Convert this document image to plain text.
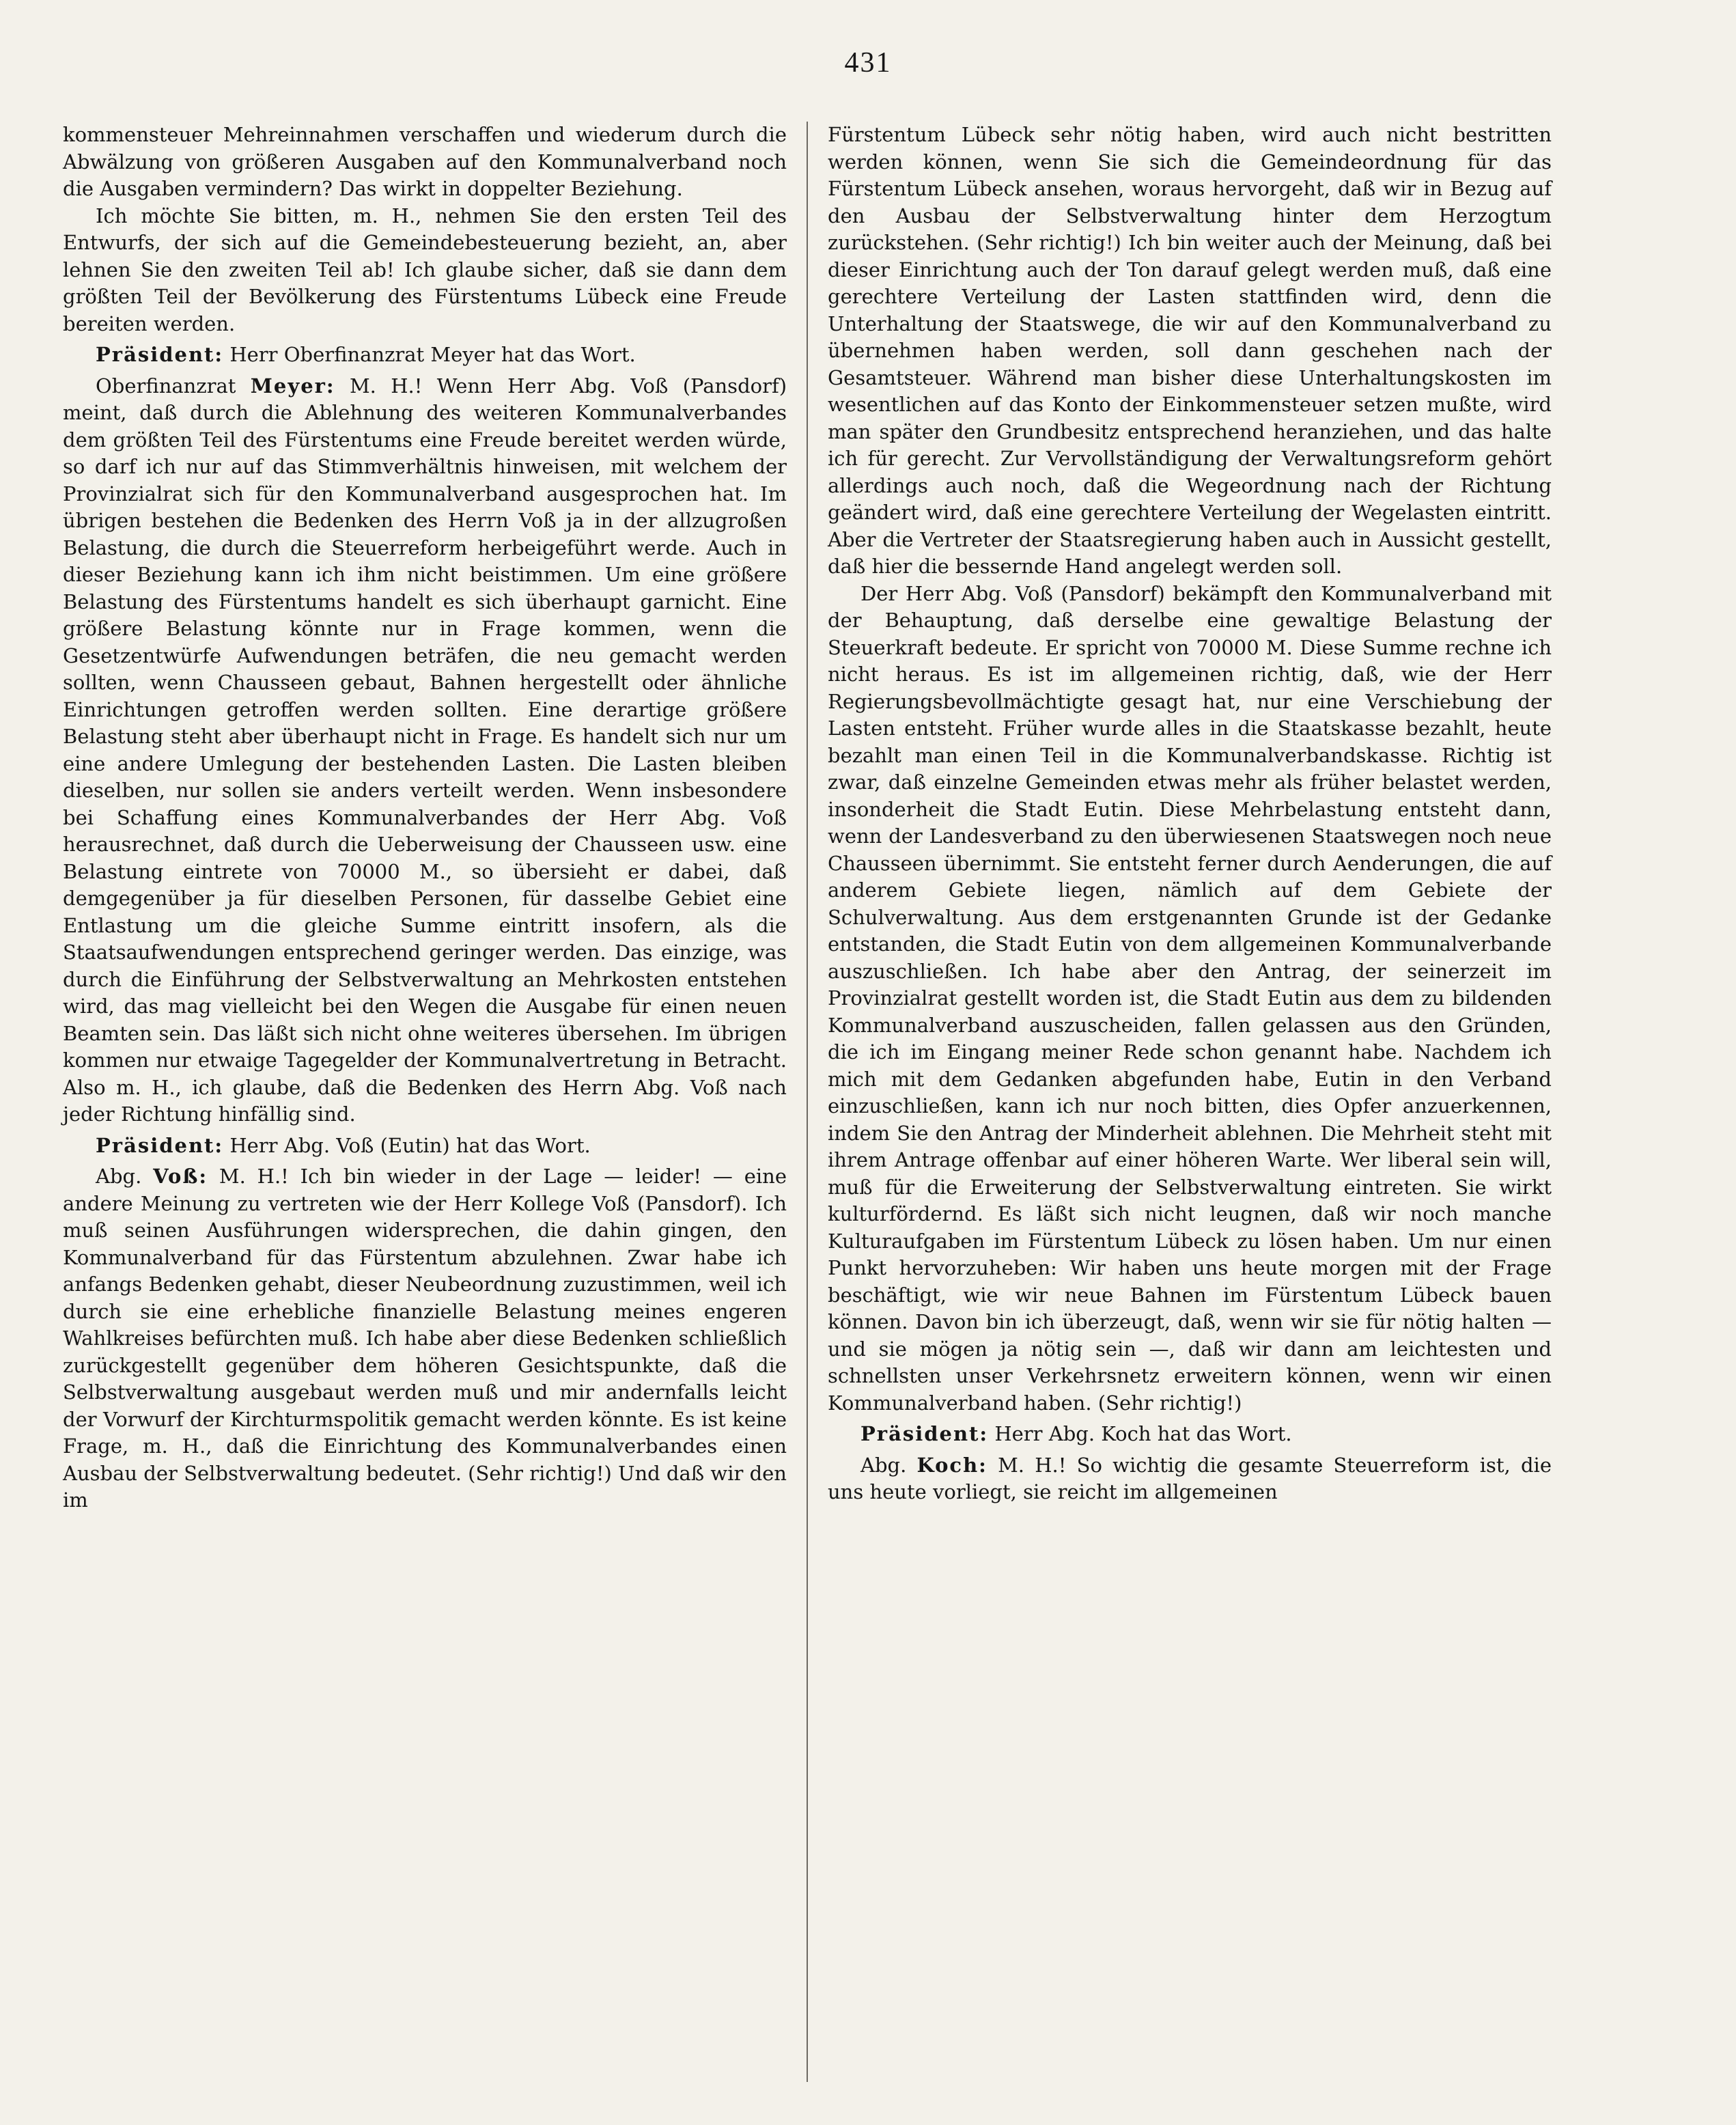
431

kommensteuer Mehreinnahmen verschaffen und wiederum durch die Abwälzung von größeren Ausgaben auf den Kommunalverband noch die Ausgaben vermindern? Das wirkt in doppelter Beziehung.

Ich möchte Sie bitten, m. H., nehmen Sie den ersten Teil des Entwurfs, der sich auf die Gemeindebesteuerung bezieht, an, aber lehnen Sie den zweiten Teil ab! Ich glaube sicher, daß sie dann dem größten Teil der Bevölkerung des Fürstentums Lübeck eine Freude bereiten werden.

Präsident: Herr Oberfinanzrat Meyer hat das Wort.

Oberfinanzrat Meyer: M. H.! Wenn Herr Abg. Voß (Pansdorf) meint, daß durch die Ablehnung des weiteren Kommunalverbandes dem größten Teil des Fürstentums eine Freude bereitet werden würde, so darf ich nur auf das Stimmverhältnis hinweisen, mit welchem der Provinzialrat sich für den Kommunalverband ausgesprochen hat. Im übrigen bestehen die Bedenken des Herrn Voß ja in der allzugroßen Belastung, die durch die Steuerreform herbeigeführt werde. Auch in dieser Beziehung kann ich ihm nicht beistimmen. Um eine größere Belastung des Fürstentums handelt es sich überhaupt garnicht. Eine größere Belastung könnte nur in Frage kommen, wenn die Gesetzentwürfe Aufwendungen beträfen, die neu gemacht werden sollten, wenn Chausseen gebaut, Bahnen hergestellt oder ähnliche Einrichtungen getroffen werden sollten. Eine derartige größere Belastung steht aber überhaupt nicht in Frage. Es handelt sich nur um eine andere Umlegung der bestehenden Lasten. Die Lasten bleiben dieselben, nur sollen sie anders verteilt werden. Wenn insbesondere bei Schaffung eines Kommunalverbandes der Herr Abg. Voß herausrechnet, daß durch die Ueberweisung der Chausseen usw. eine Belastung eintrete von 70000 M., so übersieht er dabei, daß demgegenüber ja für dieselben Personen, für dasselbe Gebiet eine Entlastung um die gleiche Summe eintritt insofern, als die Staatsaufwendungen entsprechend geringer werden. Das einzige, was durch die Einführung der Selbstverwaltung an Mehrkosten entstehen wird, das mag vielleicht bei den Wegen die Ausgabe für einen neuen Beamten sein. Das läßt sich nicht ohne weiteres übersehen. Im übrigen kommen nur etwaige Tagegelder der Kommunalvertretung in Betracht. Also m. H., ich glaube, daß die Bedenken des Herrn Abg. Voß nach jeder Richtung hinfällig sind.

Präsident: Herr Abg. Voß (Eutin) hat das Wort.

Abg. Voß: M. H.! Ich bin wieder in der Lage — leider! — eine andere Meinung zu vertreten wie der Herr Kollege Voß (Pansdorf). Ich muß seinen Ausführungen widersprechen, die dahin gingen, den Kommunalverband für das Fürstentum abzulehnen. Zwar habe ich anfangs Bedenken gehabt, dieser Neubeordnung zuzustimmen, weil ich durch sie eine erhebliche finanzielle Belastung meines engeren Wahlkreises befürchten muß. Ich habe aber diese Bedenken schließlich zurückgestellt gegenüber dem höheren Gesichtspunkte, daß die Selbstverwaltung ausgebaut werden muß und mir andernfalls leicht der Vorwurf der Kirchturmspolitik gemacht werden könnte. Es ist keine Frage, m. H., daß die Einrichtung des Kommunalverbandes einen Ausbau der Selbstverwaltung bedeutet. (Sehr richtig!) Und daß wir den im

Fürstentum Lübeck sehr nötig haben, wird auch nicht bestritten werden können, wenn Sie sich die Gemeindeordnung für das Fürstentum Lübeck ansehen, woraus hervorgeht, daß wir in Bezug auf den Ausbau der Selbstverwaltung hinter dem Herzogtum zurückstehen. (Sehr richtig!) Ich bin weiter auch der Meinung, daß bei dieser Einrichtung auch der Ton darauf gelegt werden muß, daß eine gerechtere Verteilung der Lasten stattfinden wird, denn die Unterhaltung der Staatswege, die wir auf den Kommunalverband zu übernehmen haben werden, soll dann geschehen nach der Gesamtsteuer. Während man bisher diese Unterhaltungskosten im wesentlichen auf das Konto der Einkommensteuer setzen mußte, wird man später den Grundbesitz entsprechend heranziehen, und das halte ich für gerecht. Zur Vervollständigung der Verwaltungsreform gehört allerdings auch noch, daß die Wegeordnung nach der Richtung geändert wird, daß eine gerechtere Verteilung der Wegelasten eintritt. Aber die Vertreter der Staatsregierung haben auch in Aussicht gestellt, daß hier die bessernde Hand angelegt werden soll.

Der Herr Abg. Voß (Pansdorf) bekämpft den Kommunalverband mit der Behauptung, daß derselbe eine gewaltige Belastung der Steuerkraft bedeute. Er spricht von 70000 M. Diese Summe rechne ich nicht heraus. Es ist im allgemeinen richtig, daß, wie der Herr Regierungsbevollmächtigte gesagt hat, nur eine Verschiebung der Lasten entsteht. Früher wurde alles in die Staatskasse bezahlt, heute bezahlt man einen Teil in die Kommunalverbandskasse. Richtig ist zwar, daß einzelne Gemeinden etwas mehr als früher belastet werden, insonderheit die Stadt Eutin. Diese Mehrbelastung entsteht dann, wenn der Landesverband zu den überwiesenen Staatswegen noch neue Chausseen übernimmt. Sie entsteht ferner durch Aenderungen, die auf anderem Gebiete liegen, nämlich auf dem Gebiete der Schulverwaltung. Aus dem erstgenannten Grunde ist der Gedanke entstanden, die Stadt Eutin von dem allgemeinen Kommunalverbande auszuschließen. Ich habe aber den Antrag, der seinerzeit im Provinzialrat gestellt worden ist, die Stadt Eutin aus dem zu bildenden Kommunalverband auszuscheiden, fallen gelassen aus den Gründen, die ich im Eingang meiner Rede schon genannt habe. Nachdem ich mich mit dem Gedanken abgefunden habe, Eutin in den Verband einzuschließen, kann ich nur noch bitten, dies Opfer anzuerkennen, indem Sie den Antrag der Minderheit ablehnen. Die Mehrheit steht mit ihrem Antrage offenbar auf einer höheren Warte. Wer liberal sein will, muß für die Erweiterung der Selbstverwaltung eintreten. Sie wirkt kulturfördernd. Es läßt sich nicht leugnen, daß wir noch manche Kulturaufgaben im Fürstentum Lübeck zu lösen haben. Um nur einen Punkt hervorzuheben: Wir haben uns heute morgen mit der Frage beschäftigt, wie wir neue Bahnen im Fürstentum Lübeck bauen können. Davon bin ich überzeugt, daß, wenn wir sie für nötig halten — und sie mögen ja nötig sein —, daß wir dann am leichtesten und schnellsten unser Verkehrsnetz erweitern können, wenn wir einen Kommunalverband haben. (Sehr richtig!)

Präsident: Herr Abg. Koch hat das Wort.

Abg. Koch: M. H.! So wichtig die gesamte Steuerreform ist, die uns heute vorliegt, sie reicht im allgemeinen
